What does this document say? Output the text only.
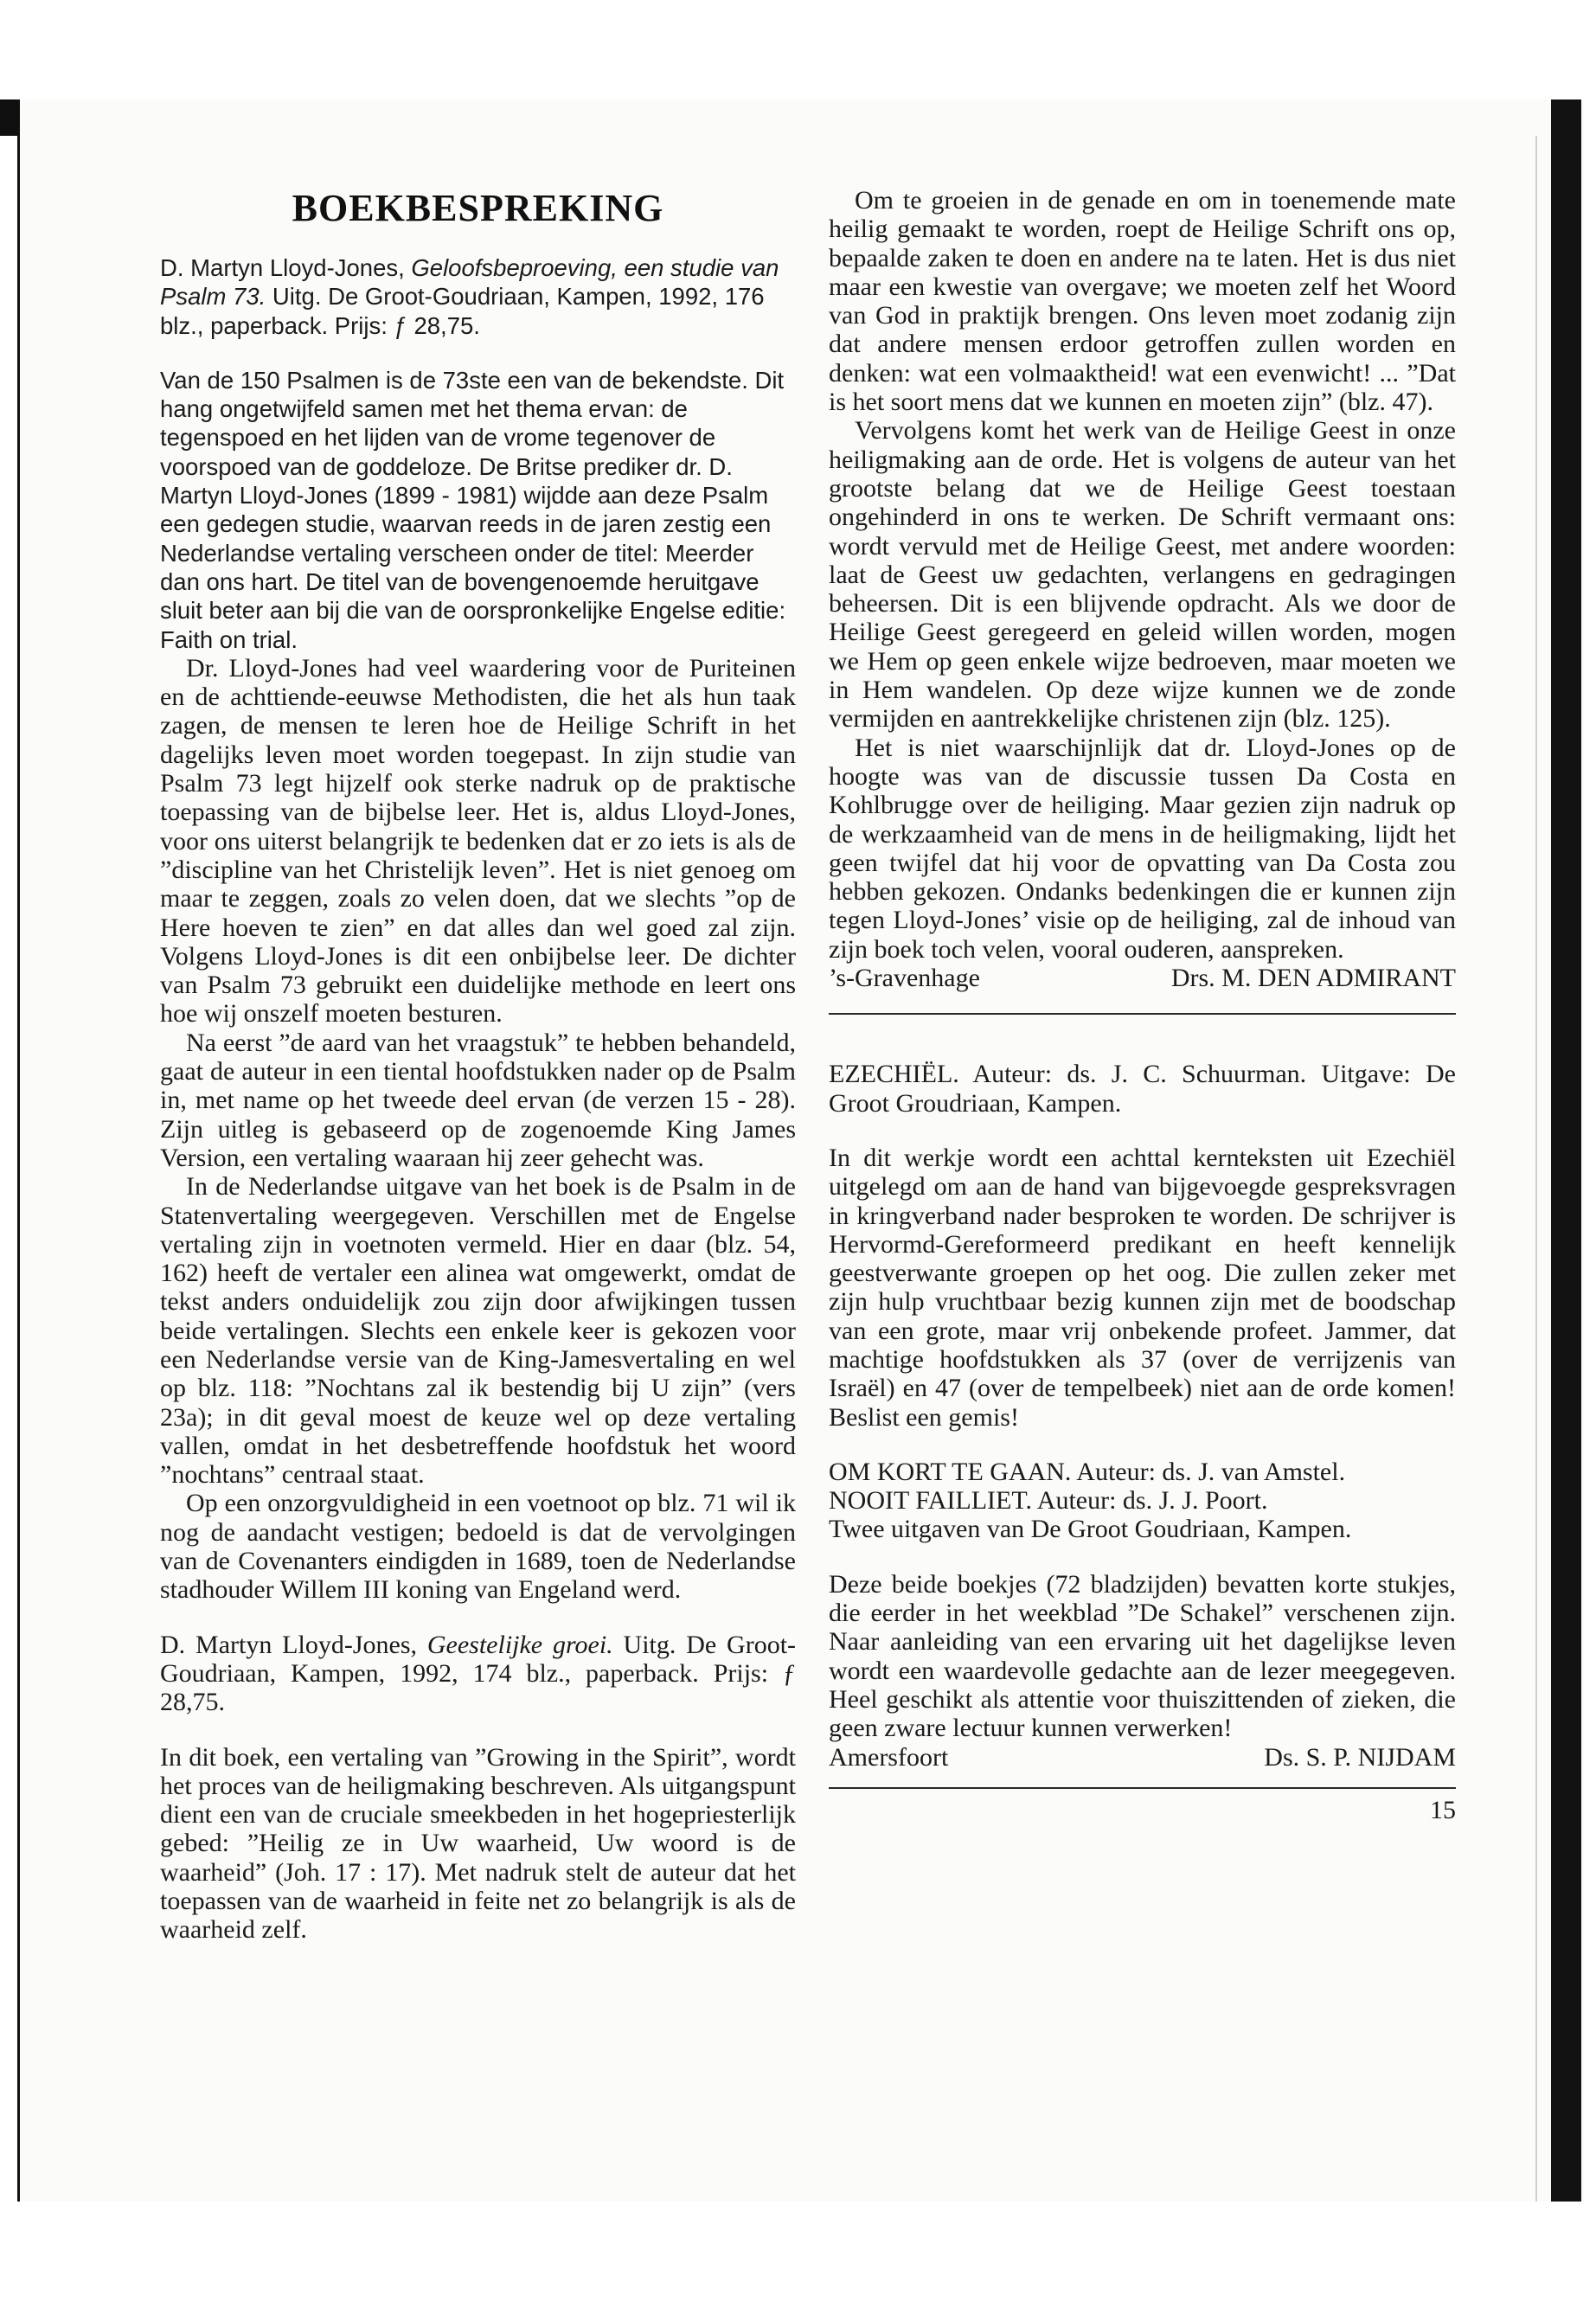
BOEKBESPREKING

D. Martyn Lloyd-Jones, Geloofsbeproeving, een studie van Psalm 73. Uitg. De Groot-Goudriaan, Kampen, 1992, 176 blz., paperback. Prijs: ƒ 28,75.

Van de 150 Psalmen is de 73ste een van de bekendste. Dit hang ongetwijfeld samen met het thema ervan: de tegenspoed en het lijden van de vrome tegenover de voorspoed van de goddeloze. De Britse prediker dr. D. Martyn Lloyd-Jones (1899 - 1981) wijdde aan deze Psalm een gedegen studie, waarvan reeds in de jaren zestig een Nederlandse vertaling verscheen onder de titel: Meerder dan ons hart. De titel van de bovengenoemde heruitgave sluit beter aan bij die van de oorspronkelijke Engelse editie: Faith on trial.

Dr. Lloyd-Jones had veel waardering voor de Puriteinen en de achttiende-eeuwse Methodisten, die het als hun taak zagen, de mensen te leren hoe de Heilige Schrift in het dagelijks leven moet worden toegepast. In zijn studie van Psalm 73 legt hijzelf ook sterke nadruk op de praktische toepassing van de bijbelse leer. Het is, aldus Lloyd-Jones, voor ons uiterst belangrijk te bedenken dat er zo iets is als de ”discipline van het Christelijk leven”. Het is niet genoeg om maar te zeggen, zoals zo velen doen, dat we slechts ”op de Here hoeven te zien” en dat alles dan wel goed zal zijn. Volgens Lloyd-Jones is dit een onbijbelse leer. De dichter van Psalm 73 gebruikt een duidelijke methode en leert ons hoe wij onszelf moeten besturen.

Na eerst ”de aard van het vraagstuk” te hebben behandeld, gaat de auteur in een tiental hoofdstukken nader op de Psalm in, met name op het tweede deel ervan (de verzen 15 - 28). Zijn uitleg is gebaseerd op de zogenoemde King James Version, een vertaling waaraan hij zeer gehecht was.

In de Nederlandse uitgave van het boek is de Psalm in de Statenvertaling weergegeven. Verschillen met de Engelse vertaling zijn in voetnoten vermeld. Hier en daar (blz. 54, 162) heeft de vertaler een alinea wat omgewerkt, omdat de tekst anders onduidelijk zou zijn door afwijkingen tussen beide vertalingen. Slechts een enkele keer is gekozen voor een Nederlandse versie van de King-Jamesvertaling en wel op blz. 118: ”Nochtans zal ik bestendig bij U zijn” (vers 23a); in dit geval moest de keuze wel op deze vertaling vallen, omdat in het desbetreffende hoofdstuk het woord ”nochtans” centraal staat.

Op een onzorgvuldigheid in een voetnoot op blz. 71 wil ik nog de aandacht vestigen; bedoeld is dat de vervolgingen van de Covenanters eindigden in 1689, toen de Nederlandse stadhouder Willem III koning van Engeland werd.

D. Martyn Lloyd-Jones, Geestelijke groei. Uitg. De Groot-Goudriaan, Kampen, 1992, 174 blz., paperback. Prijs: ƒ 28,75.

In dit boek, een vertaling van ”Growing in the Spirit”, wordt het proces van de heiligmaking beschreven. Als uitgangspunt dient een van de cruciale smeekbeden in het hogepriesterlijk gebed: ”Heilig ze in Uw waarheid, Uw woord is de waarheid” (Joh. 17 : 17). Met nadruk stelt de auteur dat het toepassen van de waarheid in feite net zo belangrijk is als de waarheid zelf.

Om te groeien in de genade en om in toenemende mate heilig gemaakt te worden, roept de Heilige Schrift ons op, bepaalde zaken te doen en andere na te laten. Het is dus niet maar een kwestie van overgave; we moeten zelf het Woord van God in praktijk brengen. Ons leven moet zodanig zijn dat andere mensen erdoor getroffen zullen worden en denken: wat een volmaaktheid! wat een evenwicht! ... ”Dat is het soort mens dat we kunnen en moeten zijn” (blz. 47).

Vervolgens komt het werk van de Heilige Geest in onze heiligmaking aan de orde. Het is volgens de auteur van het grootste belang dat we de Heilige Geest toestaan ongehinderd in ons te werken. De Schrift vermaant ons: wordt vervuld met de Heilige Geest, met andere woorden: laat de Geest uw gedachten, verlangens en gedragingen beheersen. Dit is een blijvende opdracht. Als we door de Heilige Geest geregeerd en geleid willen worden, mogen we Hem op geen enkele wijze bedroeven, maar moeten we in Hem wandelen. Op deze wijze kunnen we de zonde vermijden en aantrekkelijke christenen zijn (blz. 125).

Het is niet waarschijnlijk dat dr. Lloyd-Jones op de hoogte was van de discussie tussen Da Costa en Kohlbrugge over de heiliging. Maar gezien zijn nadruk op de werkzaamheid van de mens in de heiligmaking, lijdt het geen twijfel dat hij voor de opvatting van Da Costa zou hebben gekozen. Ondanks bedenkingen die er kunnen zijn tegen Lloyd-Jones’ visie op de heiliging, zal de inhoud van zijn boek toch velen, vooral ouderen, aanspreken.

’s-Gravenhage	Drs. M. DEN ADMIRANT

EZECHIËL. Auteur: ds. J. C. Schuurman. Uitgave: De Groot Groudriaan, Kampen.

In dit werkje wordt een achttal kernteksten uit Ezechiël uitgelegd om aan de hand van bijgevoegde gespreksvragen in kringverband nader besproken te worden. De schrijver is Hervormd-Gereformeerd predikant en heeft kennelijk geestverwante groepen op het oog. Die zullen zeker met zijn hulp vruchtbaar bezig kunnen zijn met de boodschap van een grote, maar vrij onbekende profeet. Jammer, dat machtige hoofdstukken als 37 (over de verrijzenis van Israël) en 47 (over de tempelbeek) niet aan de orde komen! Beslist een gemis!

OM KORT TE GAAN. Auteur: ds. J. van Amstel.

NOOIT FAILLIET. Auteur: ds. J. J. Poort.

Twee uitgaven van De Groot Goudriaan, Kampen.

Deze beide boekjes (72 bladzijden) bevatten korte stukjes, die eerder in het weekblad ”De Schakel” verschenen zijn. Naar aanleiding van een ervaring uit het dagelijkse leven wordt een waardevolle gedachte aan de lezer meegegeven. Heel geschikt als attentie voor thuiszittenden of zieken, die geen zware lectuur kunnen verwerken!

Amersfoort	Ds. S. P. NIJDAM
15
